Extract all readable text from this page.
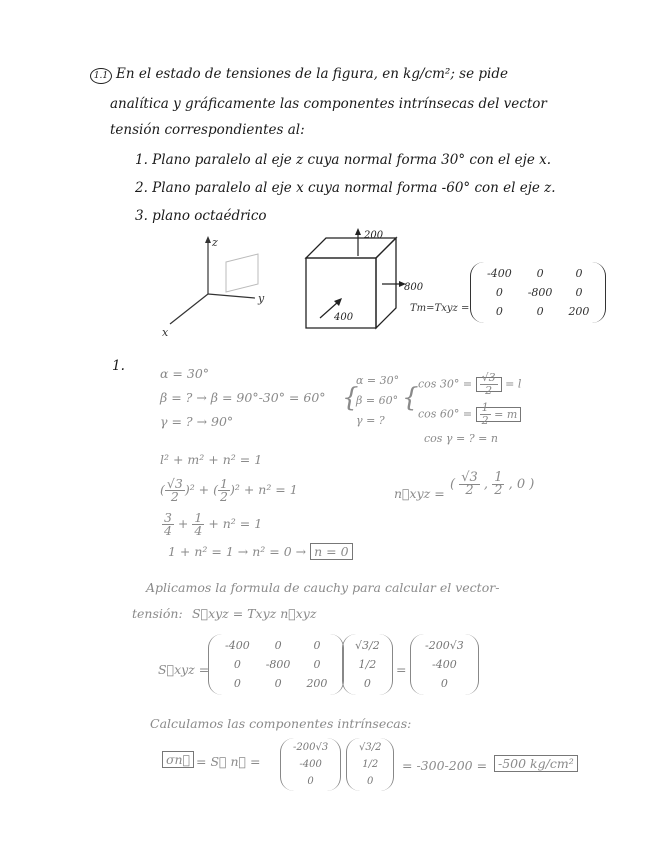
1.1 En el estado de tensiones de la figura, en kg/cm²; se pide
analítica y gráficamente las componentes intrínsecas del vector
tensión correspondientes al:
1. Plano paralelo al eje z cuya normal forma 30° con el eje x.
2. Plano paralelo al eje x cuya normal forma -60° con el eje z.
3. plano octaédrico
z
y
x
200
800
400
Tm=Txyz =
-400	0	0
0	-800	0
0	0	200
1.	α = 30°
β = ? → β = 90°-30° = 60°
γ = ? → 90°
{
α = 30°
β = 60°
γ = ?
{ $\cos 30^\circ = \frac{√3}{2} = l$
$\cos 60^\circ = \frac{1}{2} = m$
cos γ = ? = n
l² + m² + n² = 1
( $\frac{√3}{2} )^2$ + ( $\frac{1}{2} )^2 + n^2 = 1$
$\frac{3}{4} + \frac{1}{4} + n^2 = 1$
1 + n² = 1 → n² = 0 → n = 0
n⃗xyz =
( $\frac{√3}{2}$ , $\frac{1}{2}$ , 0 )
Aplicamos la formula de cauchy para calcular el vector-
tensión: S⃗xyz = Txyz n⃗xyz
S⃗xyz =
-400	0	0
0	-800	0
0	0	200
√3/2
1/2
0
=
-200√3
-400
0
Calculamos las componentes intrínsecas:
σn⃗ = S⃗ n⃗ =
-200√3
-400
0
√3/2
1/2
0
= -300-200 = -500 kg/cm²
